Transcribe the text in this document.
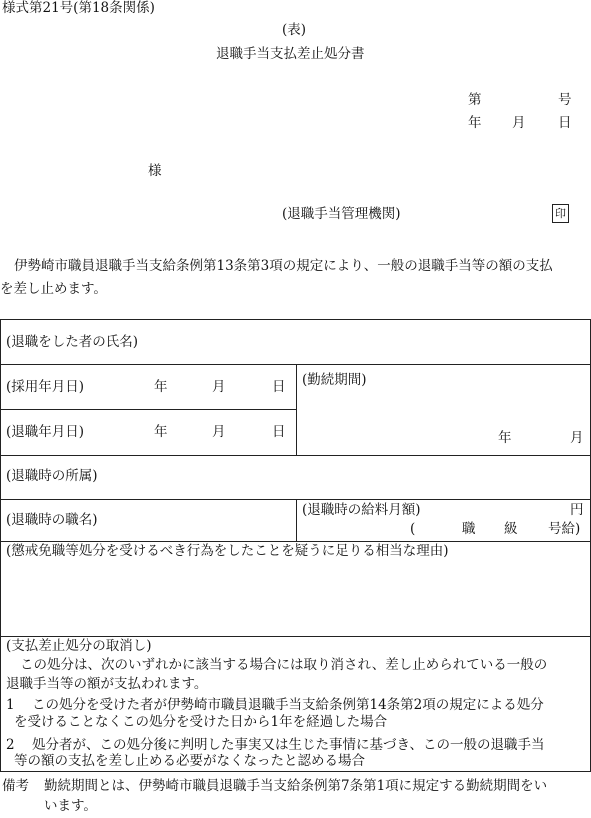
様式第21号(第18条関係)
(表)
退職手当支払差止処分書
第	号
年 月 日
様
(退職手当管理機関)	印
伊勢崎市職員退職手当支給条例第13条第3項の規定により、一般の退職手当等の額の支払
を差し止めます。
(退職をした者の氏名)
(採用年月日)	年	月	日
(退職年月日)	年	月	日
(勤続期間)
年	月
(退職時の所属)
(退職時の職名)
(退職時の給料月額)	円
(	職 級 号給)
(懲戒免職等処分を受けるべき行為をしたことを疑うに足りる相当な理由)
(支払差止処分の取消し)
この処分は、次のいずれかに該当する場合には取り消され、差し止められている一般の
退職手当等の額が支払われます。
1 この処分を受けた者が伊勢崎市職員退職手当支給条例第14条第2項の規定による処分
を受けることなくこの処分を受けた日から1年を経過した場合
2 処分者が、この処分後に判明した事実又は生じた事情に基づき、この一般の退職手当
等の額の支払を差し止める必要がなくなったと認める場合
備考 勤続期間とは、伊勢崎市職員退職手当支給条例第7条第1項に規定する勤続期間をい
います。
